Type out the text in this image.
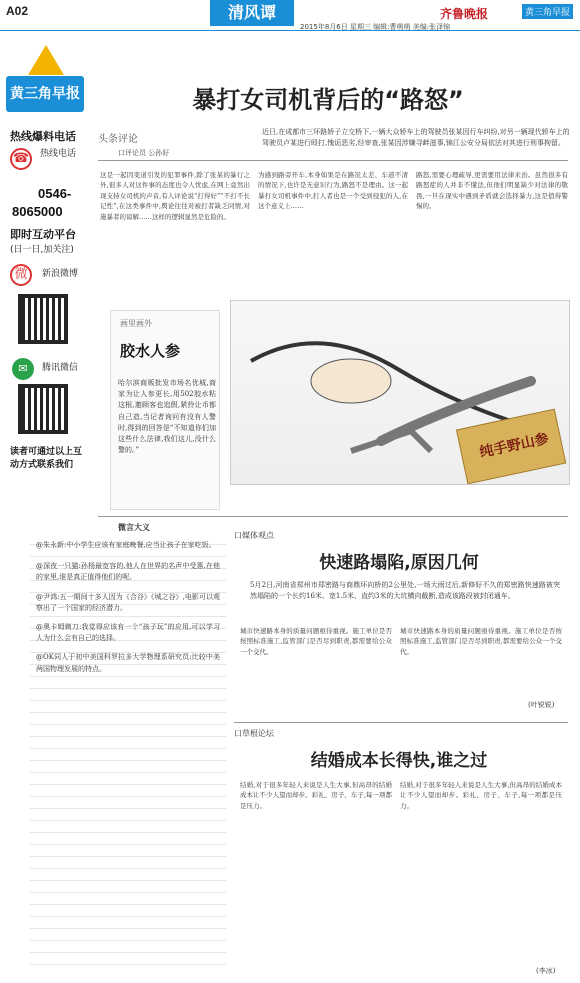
A02	清风谭	齐鲁晚报	黄三角早报
2015年8月6日 星期三 编辑:曹萌萌 美编:张泽锦
黄三角早报
热线爆料电话
☎	热线电话
0546-
8065000
即时互动平台
(日一日,加关注)
微	新浪微博
✉	腾讯微信
读者可通过以上互动方式联系我们
暴打女司机背后的“路怒”
头条评论
口评论员 公孙好
近日,在成都市三环路娇子立交桥下,一辆大众轿车上的驾驶员张某因行车纠纷,对另一辆现代轿车上的驾驶员卢某进行殴打,愧诟恶劣,经审查,张某因涉嫌寻衅滋事,锦江公安分局依法对其进行刑事拘留。
这是一起因变道引发的犯罪事件,除了张某的暴行之外,很多人对这件事的态度也令人忧虑,在网上竟然出现支持女司机的声音,有人评论说“打得好”“不打不长记性”,在这类事件中,舆论往往对被打者缺乏同情,对施暴者的谅解……这样的逻辑显然是危险的。
为感到路旁开车,本身如果是在路况太差、车道不清的情况下,也许是无意识行为,路怒不是理由。这一起暴打女司机事件中,打人者也是一个受到侵犯的人,在这个意义上……
路怒,需要心理疏导,更需要用法律来治。虽然很多有路怒症的人并非不懂法,但他们明显缺少对法律的敬畏,一旦在现实中遇到矛盾就会选择暴力,这是值得警惕的。
画里画外
胶水人参
哈尔滨商贩批发市场名优城,商家为让人参更长,用502胶水粘这根,邀顾客也追假,紧拎让币都自己造,当记者询问有没有人警时,得到的回答是“不知道你们加这些什么法律,我们这儿,没什么警的。”	纯手野山参
微言大义
@朱永新:中小学生应该有家庭晚餐,应当让孩子在家吃饭。
@深夜一只猫:孙杨最宽容的,他人在世界的名声中受惠,在他的家里,谁是真正值得他们的呢。
@尹鸿:五一期间十多人因为《合谷》《城之谷》,电影可以观察出了一个国家的经济潜力。
@奥卡姆剃刀:我觉得应该有一个“孩子玩”的应用,可以学习人为什么会有自己的选择。
@OK同人于初中美国科罗拉多大学物理系研究员:比较中美两国物理发展的特点。
口媒体观点
快速路塌陷,原因几何
5月2日,河南省郑州市郑密路与商鼎环向桥的2公里处,一场大雨过后,新修好不久的郑密路快速路被突然塌陷的一个长约16米、宽1.5米、直约3米的大坑横向截断,造成该路段被封闭通车。
城市快速路本身的质量问题亟待重视。施工单位是否按照标准施工,监管部门是否尽到职责,都需要给公众一个交代。
城市快速路本身的质量问题亟待重视。施工单位是否按照标准施工,监管部门是否尽到职责,都需要给公众一个交代。
(叶锐锐)
口草根论坛
结婚成本长得快,谁之过
结婚,对于很多年轻人来说是人生大事,但高昂的结婚成本让不少人望而却步。彩礼、房子、车子,每一项都是压力。
结婚,对于很多年轻人来说是人生大事,但高昂的结婚成本让不少人望而却步。彩礼、房子、车子,每一项都是压力。
(李冰)
